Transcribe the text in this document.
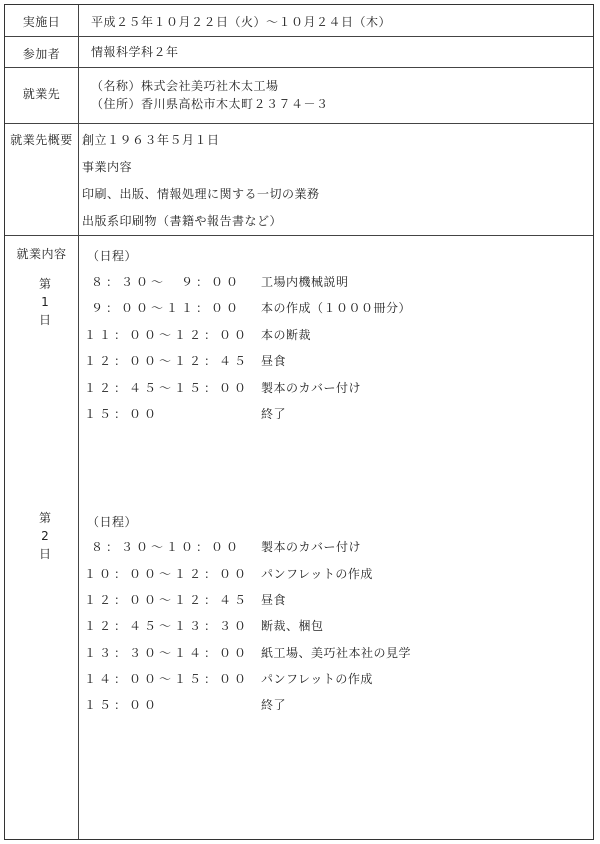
実施日
参加者
就業先
就業先概要
就業内容
平成２５年１０月２２日（火）～１０月２４日（木）
情報科学科２年
（名称）株式会社美巧社木太工場
（住所）香川県高松市木太町２３７４－３
創立１９６３年５月１日
事業内容
印刷、出版、情報処理に関する一切の業務
出版系印刷物（書籍や報告書など）
第
1
日
（日程）
８：３０～　９：００ 工場内機械説明
９：００～１１：００ 本の作成（１０００冊分）
１１：００～１２：００ 本の断裁
１２：００～１２：４５ 昼食
１２：４５～１５：００ 製本のカバー付け
１５：００	終了
第
2
日
（日程）
８：３０～１０：００ 製本のカバー付け
１０：００～１２：００ パンフレットの作成
１２：００～１２：４５ 昼食
１２：４５～１３：３０ 断裁、梱包
１３：３０～１４：００ 紙工場、美巧社本社の見学
１４：００～１５：００ パンフレットの作成
１５：００	終了
